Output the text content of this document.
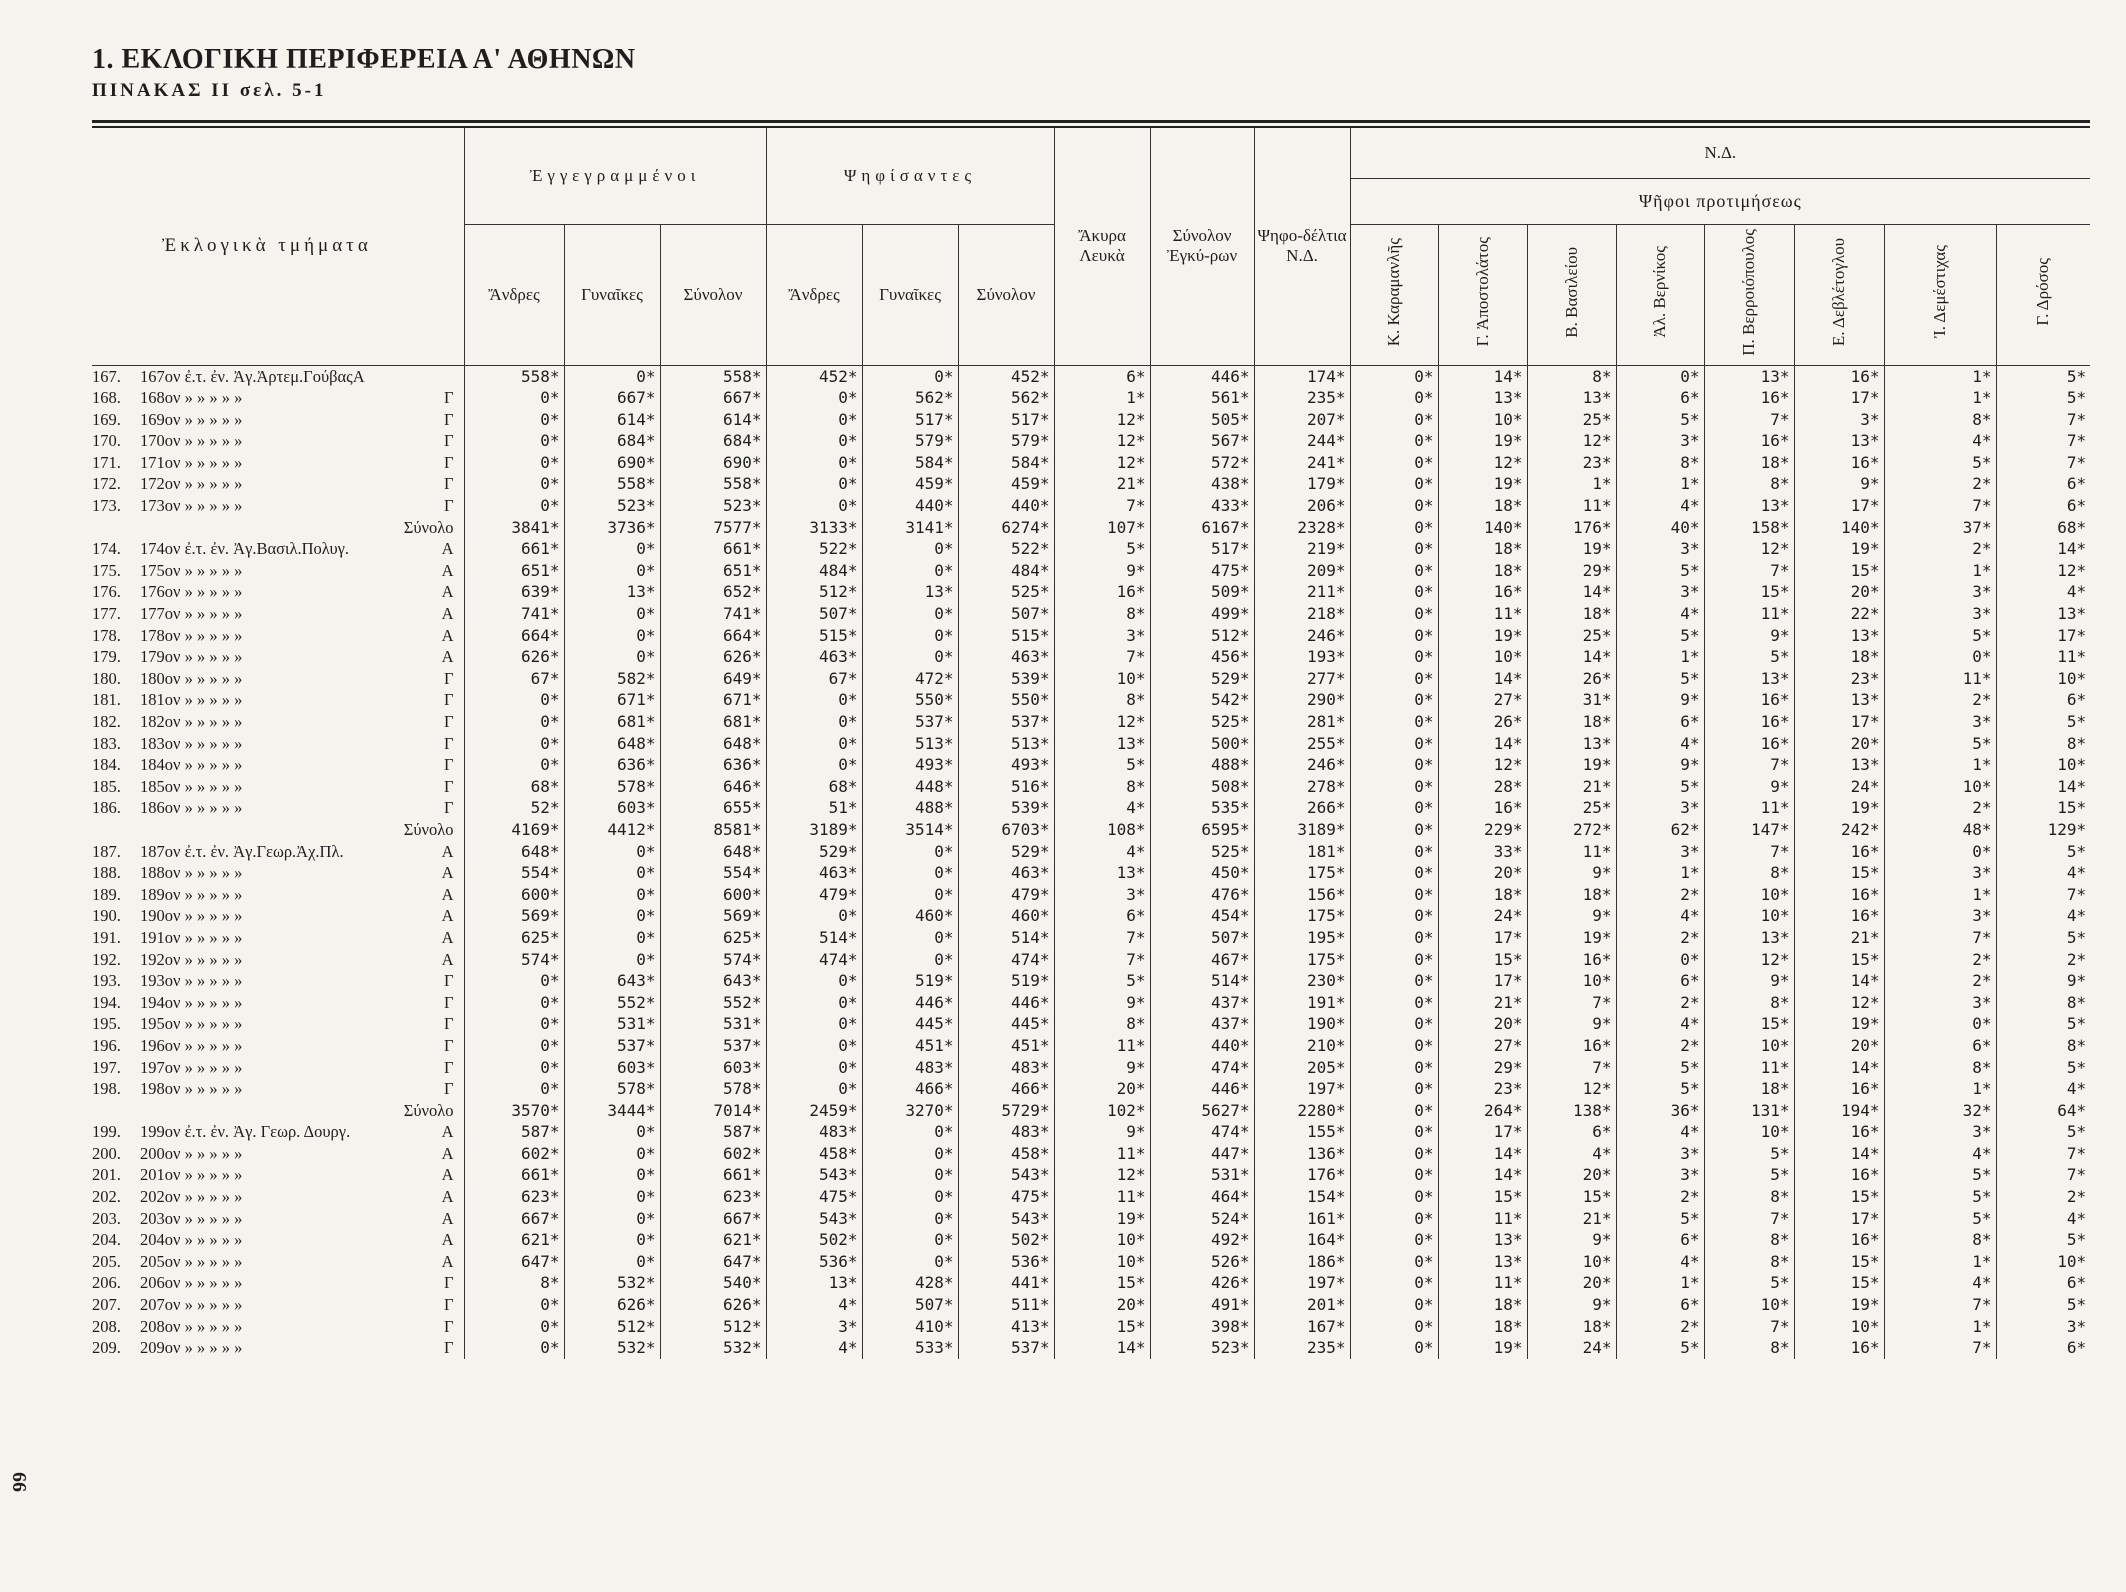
1. ΕΚΛΟΓΙΚΗ ΠΕΡΙΦΕΡΕΙΑ Α' ΑΘΗΝΩΝ
ΠΙΝΑΚΑΣ II σελ. 5-1
66
Ἐκλογικὰ τμήματα	Ἐγγεγραμμένοι			Ψηφίσαντες			Ἄκυρα Λευκὰ	Σύνολον Ἐγκύ-ρων	Ψηφο-δέλτια Ν.Δ.	Ν.Δ.							
										Ψῆφοι προτιμήσεως							
	Ἄνδρες	Γυναῖκες	Σύνολον	Ἄνδρες	Γυναῖκες	Σύνολον				Κ. Καραμανλῆς	Γ. Ἀποστολάτος	Β. Βασιλείου	Ἀλ. Βερνίκος	Π. Βερροιόπουλος	Ε. Δεβλέτογλου	Ἰ. Δεμέστιχας	Γ. Δρόσος
167. 167ον ἐ.τ. ἐν. Ἀγ.Ἀρτεμ.ΓούβαςΑ	558*	0*	558*	452*	0*	452*	6*	446*	174*	0*	14*	8*	0*	13*	16*	1*	5*
168. 168ον » » » » » Γ	0*	667*	667*	0*	562*	562*	1*	561*	235*	0*	13*	13*	6*	16*	17*	1*	5*
169. 169ον » » » » » Γ	0*	614*	614*	0*	517*	517*	12*	505*	207*	0*	10*	25*	5*	7*	3*	8*	7*
170. 170ον » » » » » Γ	0*	684*	684*	0*	579*	579*	12*	567*	244*	0*	19*	12*	3*	16*	13*	4*	7*
171. 171ον » » » » » Γ	0*	690*	690*	0*	584*	584*	12*	572*	241*	0*	12*	23*	8*	18*	16*	5*	7*
172. 172ον » » » » » Γ	0*	558*	558*	0*	459*	459*	21*	438*	179*	0*	19*	1*	1*	8*	9*	2*	6*
173. 173ον » » » » » Γ	0*	523*	523*	0*	440*	440*	7*	433*	206*	0*	18*	11*	4*	13*	17*	7*	6*

Σύνολο	3841*	3736*	7577*	3133*	3141*	6274*	107*	6167*	2328*	0*	140*	176*	40*	158*	140*	37*	68*
174. 174ον ἐ.τ. ἐν. Ἀγ.Βασιλ.Πολυγ. Α	661*	0*	661*	522*	0*	522*	5*	517*	219*	0*	18*	19*	3*	12*	19*	2*	14*
175. 175ον » » » » » Α	651*	0*	651*	484*	0*	484*	9*	475*	209*	0*	18*	29*	5*	7*	15*	1*	12*
176. 176ον » » » » » Α	639*	13*	652*	512*	13*	525*	16*	509*	211*	0*	16*	14*	3*	15*	20*	3*	4*
177. 177ον » » » » » Α	741*	0*	741*	507*	0*	507*	8*	499*	218*	0*	11*	18*	4*	11*	22*	3*	13*
178. 178ον » » » » » Α	664*	0*	664*	515*	0*	515*	3*	512*	246*	0*	19*	25*	5*	9*	13*	5*	17*
179. 179ον » » » » » Α	626*	0*	626*	463*	0*	463*	7*	456*	193*	0*	10*	14*	1*	5*	18*	0*	11*
180. 180ον » » » » » Γ	67*	582*	649*	67*	472*	539*	10*	529*	277*	0*	14*	26*	5*	13*	23*	11*	10*
181. 181ον » » » » » Γ	0*	671*	671*	0*	550*	550*	8*	542*	290*	0*	27*	31*	9*	16*	13*	2*	6*
182. 182ον » » » » » Γ	0*	681*	681*	0*	537*	537*	12*	525*	281*	0*	26*	18*	6*	16*	17*	3*	5*
183. 183ον » » » » » Γ	0*	648*	648*	0*	513*	513*	13*	500*	255*	0*	14*	13*	4*	16*	20*	5*	8*
184. 184ον » » » » » Γ	0*	636*	636*	0*	493*	493*	5*	488*	246*	0*	12*	19*	9*	7*	13*	1*	10*
185. 185ον » » » » » Γ	68*	578*	646*	68*	448*	516*	8*	508*	278*	0*	28*	21*	5*	9*	24*	10*	14*
186. 186ον » » » » » Γ	52*	603*	655*	51*	488*	539*	4*	535*	266*	0*	16*	25*	3*	11*	19*	2*	15*

Σύνολο	4169*	4412*	8581*	3189*	3514*	6703*	108*	6595*	3189*	0*	229*	272*	62*	147*	242*	48*	129*
187. 187ον ἐ.τ. ἐν. Ἀγ.Γεωρ.Ἀχ.Πλ. Α	648*	0*	648*	529*	0*	529*	4*	525*	181*	0*	33*	11*	3*	7*	16*	0*	5*
188. 188ον » » » » » Α	554*	0*	554*	463*	0*	463*	13*	450*	175*	0*	20*	9*	1*	8*	15*	3*	4*
189. 189ον » » » » » Α	600*	0*	600*	479*	0*	479*	3*	476*	156*	0*	18*	18*	2*	10*	16*	1*	7*
190. 190ον » » » » » Α	569*	0*	569*	0*	460*	460*	6*	454*	175*	0*	24*	9*	4*	10*	16*	3*	4*
191. 191ον » » » » » Α	625*	0*	625*	514*	0*	514*	7*	507*	195*	0*	17*	19*	2*	13*	21*	7*	5*
192. 192ον » » » » » Α	574*	0*	574*	474*	0*	474*	7*	467*	175*	0*	15*	16*	0*	12*	15*	2*	2*
193. 193ον » » » » » Γ	0*	643*	643*	0*	519*	519*	5*	514*	230*	0*	17*	10*	6*	9*	14*	2*	9*
194. 194ον » » » » » Γ	0*	552*	552*	0*	446*	446*	9*	437*	191*	0*	21*	7*	2*	8*	12*	3*	8*
195. 195ον » » » » » Γ	0*	531*	531*	0*	445*	445*	8*	437*	190*	0*	20*	9*	4*	15*	19*	0*	5*
196. 196ον » » » » » Γ	0*	537*	537*	0*	451*	451*	11*	440*	210*	0*	27*	16*	2*	10*	20*	6*	8*
197. 197ον » » » » » Γ	0*	603*	603*	0*	483*	483*	9*	474*	205*	0*	29*	7*	5*	11*	14*	8*	5*
198. 198ον » » » » » Γ	0*	578*	578*	0*	466*	466*	20*	446*	197*	0*	23*	12*	5*	18*	16*	1*	4*

Σύνολο	3570*	3444*	7014*	2459*	3270*	5729*	102*	5627*	2280*	0*	264*	138*	36*	131*	194*	32*	64*
199. 199ον ἐ.τ. ἐν. Ἀγ. Γεωρ. Δουργ. Α	587*	0*	587*	483*	0*	483*	9*	474*	155*	0*	17*	6*	4*	10*	16*	3*	5*
200. 200ον » » » » » Α	602*	0*	602*	458*	0*	458*	11*	447*	136*	0*	14*	4*	3*	5*	14*	4*	7*
201. 201ον » » » » » Α	661*	0*	661*	543*	0*	543*	12*	531*	176*	0*	14*	20*	3*	5*	16*	5*	7*
202. 202ον » » » » » Α	623*	0*	623*	475*	0*	475*	11*	464*	154*	0*	15*	15*	2*	8*	15*	5*	2*
203. 203ον » » » » » Α	667*	0*	667*	543*	0*	543*	19*	524*	161*	0*	11*	21*	5*	7*	17*	5*	4*
204. 204ον » » » » » Α	621*	0*	621*	502*	0*	502*	10*	492*	164*	0*	13*	9*	6*	8*	16*	8*	5*
205. 205ον » » » » » Α	647*	0*	647*	536*	0*	536*	10*	526*	186*	0*	13*	10*	4*	8*	15*	1*	10*
206. 206ον » » » » » Γ	8*	532*	540*	13*	428*	441*	15*	426*	197*	0*	11*	20*	1*	5*	15*	4*	6*
207. 207ον » » » » » Γ	0*	626*	626*	4*	507*	511*	20*	491*	201*	0*	18*	9*	6*	10*	19*	7*	5*
208. 208ον » » » » » Γ	0*	512*	512*	3*	410*	413*	15*	398*	167*	0*	18*	18*	2*	7*	10*	1*	3*
209. 209ον » » » » » Γ	0*	532*	532*	4*	533*	537*	14*	523*	235*	0*	19*	24*	5*	8*	16*	7*	6*
